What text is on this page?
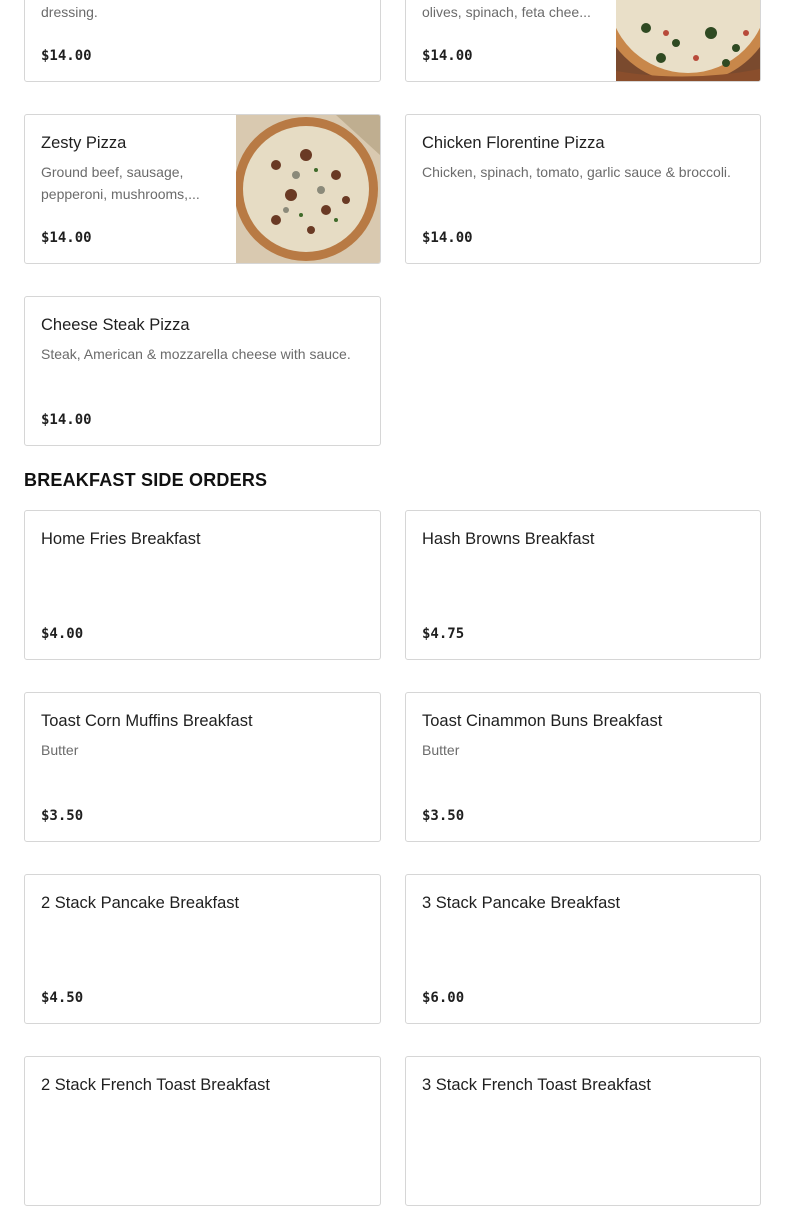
dressing.
$14.00
olives, spinach, feta chee...
$14.00
Zesty Pizza
Ground beef, sausage, pepperoni, mushrooms,...
$14.00
Chicken Florentine Pizza
Chicken, spinach, tomato, garlic sauce & broccoli.
$14.00
Cheese Steak Pizza
Steak, American & mozzarella cheese with sauce.
$14.00
BREAKFAST SIDE ORDERS
Home Fries Breakfast
$4.00
Hash Browns Breakfast
$4.75
Toast Corn Muffins Breakfast
Butter
$3.50
Toast Cinammon Buns Breakfast
Butter
$3.50
2 Stack Pancake Breakfast
$4.50
3 Stack Pancake Breakfast
$6.00
2 Stack French Toast Breakfast	3 Stack French Toast Breakfast
